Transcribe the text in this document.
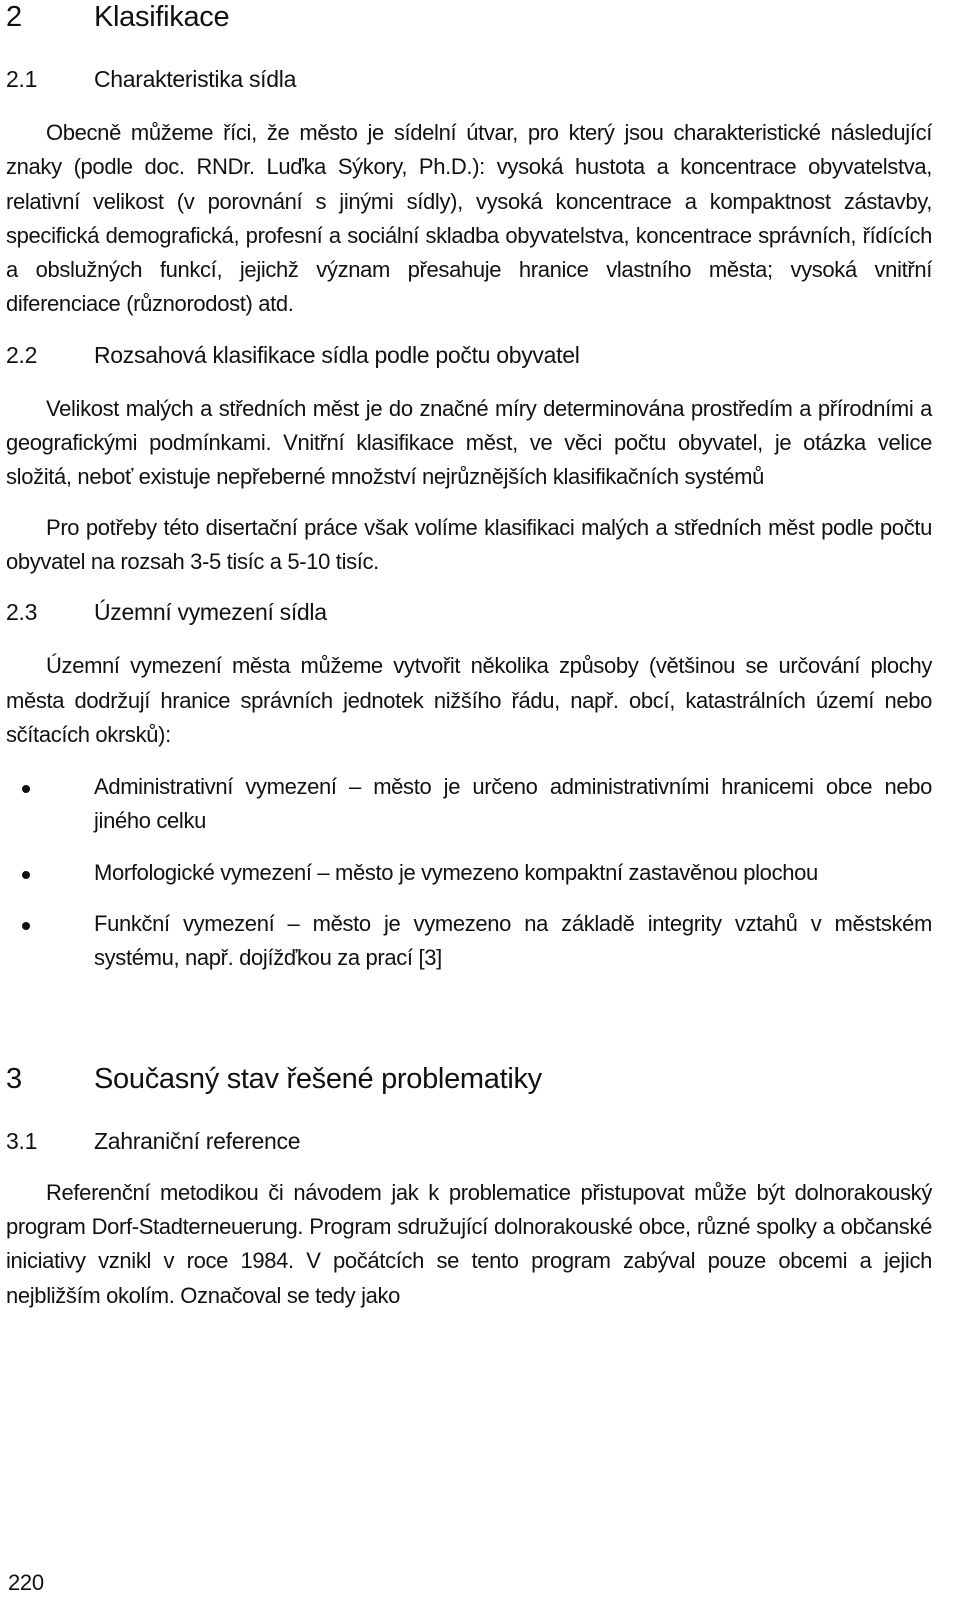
2	Klasifikace
2.1	Charakteristika sídla

Obecně můžeme říci, že město je sídelní útvar, pro který jsou charakteristické následující znaky (podle doc. RNDr. Luďka Sýkory, Ph.D.): vysoká hustota a koncentrace obyvatelstva, relativní velikost (v porovnání s jinými sídly), vysoká koncentrace a kompaktnost zástavby, specifická demografická, profesní a sociální skladba obyvatelstva, koncentrace správních, řídících a obslužných funkcí, jejichž význam přesahuje hranice vlastního města; vysoká vnitřní diferenciace (různorodost) atd.

2.2	Rozsahová klasifikace sídla podle počtu obyvatel

Velikost malých a středních měst je do značné míry determinována prostředím a přírodními a geografickými podmínkami. Vnitřní klasifikace měst, ve věci počtu obyvatel, je otázka velice složitá, neboť existuje nepřeberné množství nejrůznějších klasifikačních systémů

Pro potřeby této disertační práce však volíme klasifikaci malých a středních měst podle počtu obyvatel na rozsah 3-5 tisíc a 5-10 tisíc.

2.3	Územní vymezení sídla

Územní vymezení města můžeme vytvořit několika způsoby (většinou se určování plochy města dodržují hranice správních jednotek nižšího řádu, např. obcí, katastrálních území nebo sčítacích okrsků):

Administrativní vymezení – město je určeno administrativními hranicemi obce nebo jiného celku
Morfologické vymezení – město je vymezeno kompaktní zastavěnou plochou
Funkční vymezení – město je vymezeno na základě integrity vztahů v městském systému, např. dojížďkou za prací [3]
3	Současný stav řešené problematiky
3.1	Zahraniční reference

Referenční metodikou či návodem jak k problematice přistupovat může být dolnorakouský program Dorf-Stadterneuerung. Program sdružující dolnorakouské obce, různé spolky a občanské iniciativy vznikl v roce 1984. V počátcích se tento program zabýval pouze obcemi a jejich nejbližším okolím. Označoval se tedy jako

220
